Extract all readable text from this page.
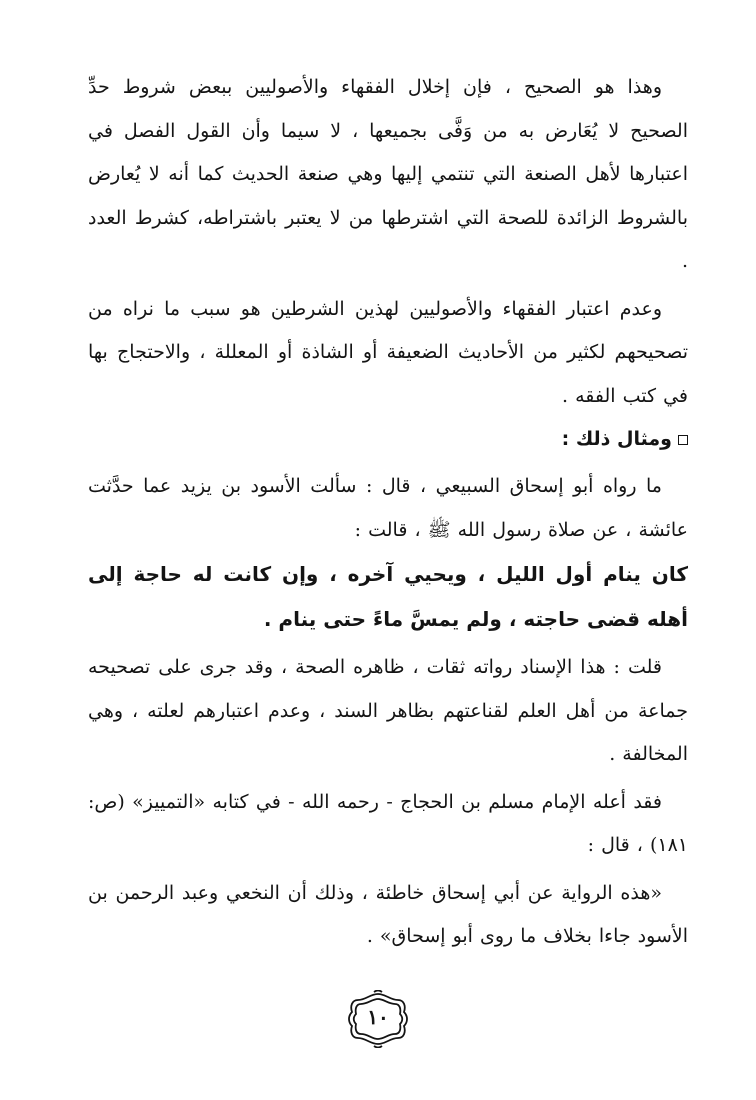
وهذا هو الصحيح ، فإن إخلال الفقهاء والأصوليين ببعض شروط حدِّ الصحيح لا يُعَارض به من وَفَّى بجميعها ، لا سيما وأن القول الفصل في اعتبارها لأهل الصنعة التي تنتمي إليها وهي صنعة الحديث كما أنه لا يُعارض بالشروط الزائدة للصحة التي اشترطها من لا يعتبر باشتراطه، كشرط العدد .

وعدم اعتبار الفقهاء والأصوليين لهذين الشرطين هو سبب ما نراه من تصحيحهم لكثير من الأحاديث الضعيفة أو الشاذة أو المعللة ، والاحتجاج بها في كتب الفقه .

ومثال ذلك :

ما رواه أبو إسحاق السبيعي ، قال : سألت الأسود بن يزيد عما حدَّثت عائشة ، عن صلاة رسول الله ﷺ ، قالت :

كان ينام أول الليل ، ويحيي آخره ، وإن كانت له حاجة إلى أهله قضى حاجته ، ولم يمسَّ ماءً حتى ينام .

قلت : هذا الإسناد رواته ثقات ، ظاهره الصحة ، وقد جرى على تصحيحه جماعة من أهل العلم لقناعتهم بظاهر السند ، وعدم اعتبارهم لعلته ، وهي المخالفة .

فقد أعله الإمام مسلم بن الحجاج - رحمه الله - في كتابه «التمييز» (ص: ١٨١) ، قال :

«هذه الرواية عن أبي إسحاق خاطئة ، وذلك أن النخعي وعبد الرحمن بن الأسود جاءا بخلاف ما روى أبو إسحاق» .

١٠
